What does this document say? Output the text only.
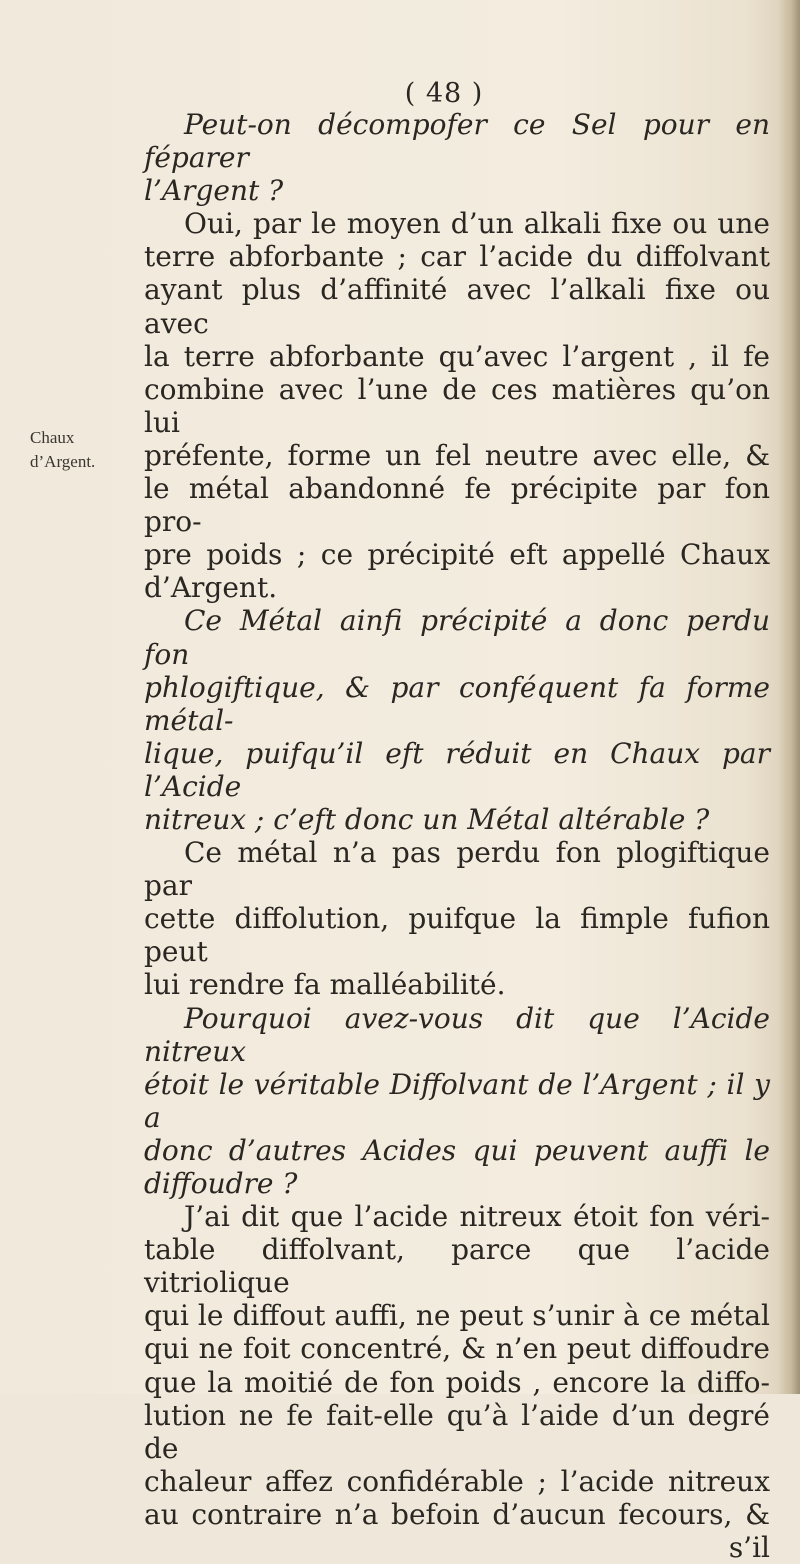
( 48 )
Chaux
d’Argent.

Peut-on décompofer ce Sel pour en féparer

l’Argent ?

Oui, par le moyen d’un alkali fixe ou une

terre abforbante ; car l’acide du diffolvant

ayant plus d’affinité avec l’alkali fixe ou avec

la terre abforbante qu’avec l’argent , il fe

combine avec l’une de ces matières qu’on lui

préfente, forme un fel neutre avec elle, &

le métal abandonné fe précipite par fon pro-

pre poids ; ce précipité eft appellé Chaux

d’Argent.

Ce Métal ainfi précipité a donc perdu fon

phlogiftique, & par conféquent fa forme métal-

lique, puifqu’il eft réduit en Chaux par l’Acide

nitreux ; c’eft donc un Métal altérable ?

Ce métal n’a pas perdu fon plogiftique par

cette diffolution, puifque la fimple fufion peut

lui rendre fa malléabilité.

Pourquoi avez-vous dit que l’Acide nitreux

étoit le véritable Diffolvant de l’Argent ; il y a

donc d’autres Acides qui peuvent auffi le

diffoudre ?

J’ai dit que l’acide nitreux étoit fon véri-

table diffolvant, parce que l’acide vitriolique

qui le diffout auffi, ne peut s’unir à ce métal

qui ne foit concentré, & n’en peut diffoudre

que la moitié de fon poids , encore la diffo-

lution ne fe fait-elle qu’à l’aide d’un degré de

chaleur affez confidérable ; l’acide nitreux

au contraire n’a befoin d’aucun fecours, &

s’il
